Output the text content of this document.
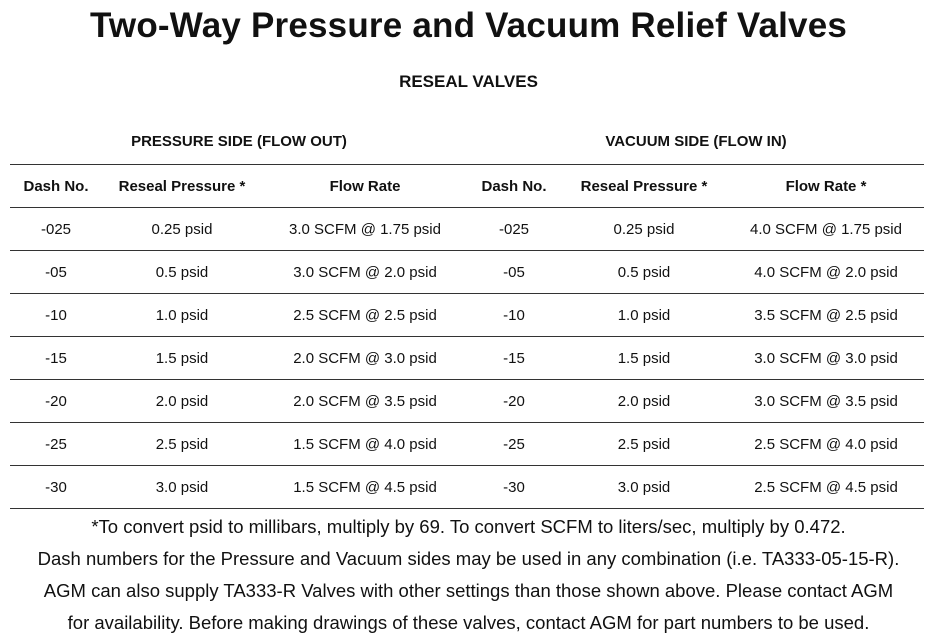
Two-Way Pressure and Vacuum Relief Valves
RESEAL VALVES
PRESSURE SIDE (FLOW OUT)	VACUUM SIDE (FLOW IN)
Dash No.	Reseal Pressure *	Flow Rate	Dash No.	Reseal Pressure *	Flow Rate *
-025	0.25 psid	3.0 SCFM @ 1.75 psid	-025	0.25 psid	4.0 SCFM @ 1.75 psid
-05	0.5 psid	3.0 SCFM @ 2.0 psid	-05	0.5 psid	4.0 SCFM @ 2.0 psid
-10	1.0 psid	2.5 SCFM @ 2.5 psid	-10	1.0 psid	3.5 SCFM @ 2.5 psid
-15	1.5 psid	2.0 SCFM @ 3.0 psid	-15	1.5 psid	3.0 SCFM @ 3.0 psid
-20	2.0 psid	2.0 SCFM @ 3.5 psid	-20	2.0 psid	3.0 SCFM @ 3.5 psid
-25	2.5 psid	1.5 SCFM @ 4.0 psid	-25	2.5 psid	2.5 SCFM @ 4.0 psid
-30	3.0 psid	1.5 SCFM @ 4.5 psid	-30	3.0 psid	2.5 SCFM @ 4.5 psid
*To convert psid to millibars, multiply by 69. To convert SCFM to liters/sec, multiply by 0.472.
Dash numbers for the Pressure and Vacuum sides may be used in any combination (i.e. TA333-05-15-R).
AGM can also supply TA333-R Valves with other settings than those shown above. Please contact AGM
for availability. Before making drawings of these valves, contact AGM for part numbers to be used.
